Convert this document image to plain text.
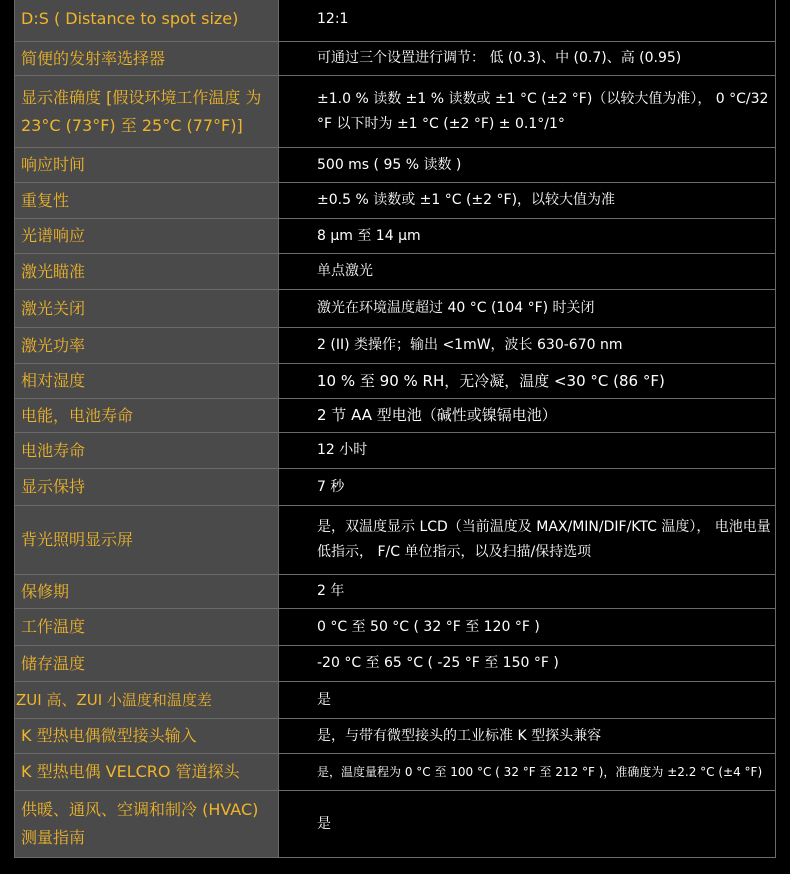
D:S ( Distance to spot size)	12:1
简便的发射率选择器	可通过三个设置进行调节： 低 (0.3)、中 (0.7)、高 (0.95)
显示准确度 [假设环境工作温度 为 23°C (73°F) 至 25°C (77°F)]	±1.0 % 读数 ±1 % 读数或 ±1 °C (±2 °F)（以较大值为准）， 0 °C/32 °F 以下时为 ±1 °C (±2 °F) ± 0.1°/1°
响应时间	500 ms ( 95 % 读数 )
重复性	±0.5 % 读数或 ±1 °C (±2 °F)，以较大值为准
光谱响应	8 µm 至 14 µm
激光瞄准	单点激光
激光关闭	激光在环境温度超过 40 °C (104 °F) 时关闭
激光功率	2 (II) 类操作；输出 <1mW，波长 630-670 nm
相对湿度	10 % 至 90 % RH，无冷凝，温度 <30 °C (86 °F)
电能，电池寿命	2 节 AA 型电池（碱性或镍镉电池）
电池寿命	12 小时
显示保持	7 秒
背光照明显示屏	是，双温度显示 LCD（当前温度及 MAX/MIN/DIF/KTC 温度）， 电池电量低指示， F/C 单位指示，以及扫描/保持选项
保修期	2 年
工作温度	0 °C 至 50 °C ( 32 °F 至 120 °F )
储存温度	-20 °C 至 65 °C ( -25 °F 至 150 °F )
ZUI 高、ZUI 小温度和温度差	是
K 型热电偶微型接头输入	是，与带有微型接头的工业标准 K 型探头兼容
K 型热电偶 VELCRO 管道探头	是，温度量程为 0 °C 至 100 °C ( 32 °F 至 212 °F )，准确度为 ±2.2 °C (±4 °F)
供暖、通风、空调和制冷 (HVAC) 测量指南	是
